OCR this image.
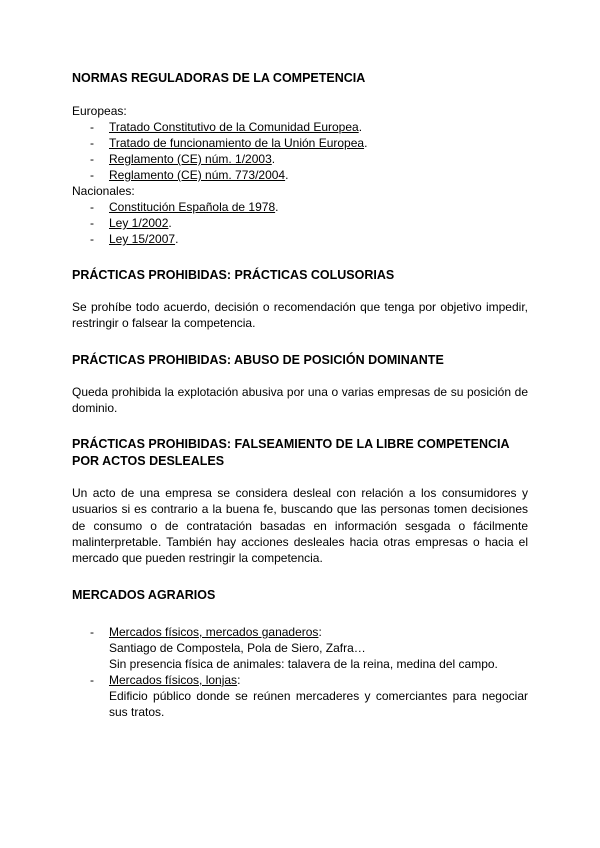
NORMAS REGULADORAS DE LA COMPETENCIA

Europeas:

- Tratado Constitutivo de la Comunidad Europea.
- Tratado de funcionamiento de la Unión Europea.
- Reglamento (CE) núm. 1/2003.
- Reglamento (CE) núm. 773/2004.

Nacionales:

- Constitución Española de 1978.
- Ley 1/2002.
- Ley 15/2007.
PRÁCTICAS PROHIBIDAS: PRÁCTICAS COLUSORIAS

Se prohíbe todo acuerdo, decisión o recomendación que tenga por objetivo impedir, restringir o falsear la competencia.

PRÁCTICAS PROHIBIDAS: ABUSO DE POSICIÓN DOMINANTE

Queda prohibida la explotación abusiva por una o varias empresas de su posición de dominio.

PRÁCTICAS PROHIBIDAS: FALSEAMIENTO DE LA LIBRE COMPETENCIA POR ACTOS DESLEALES

Un acto de una empresa se considera desleal con relación a los consumidores y usuarios si es contrario a la buena fe, buscando que las personas tomen decisiones de consumo o de contratación basadas en información sesgada o fácilmente malinterpretable. También hay acciones desleales hacia otras empresas o hacia el mercado que pueden restringir la competencia.

MERCADOS AGRARIOS
- Mercados físicos, mercados ganaderos:
Santiago de Compostela, Pola de Siero, Zafra…
Sin presencia física de animales: talavera de la reina, medina del campo.
- Mercados físicos, lonjas:
Edificio público donde se reúnen mercaderes y comerciantes para negociar sus tratos.
